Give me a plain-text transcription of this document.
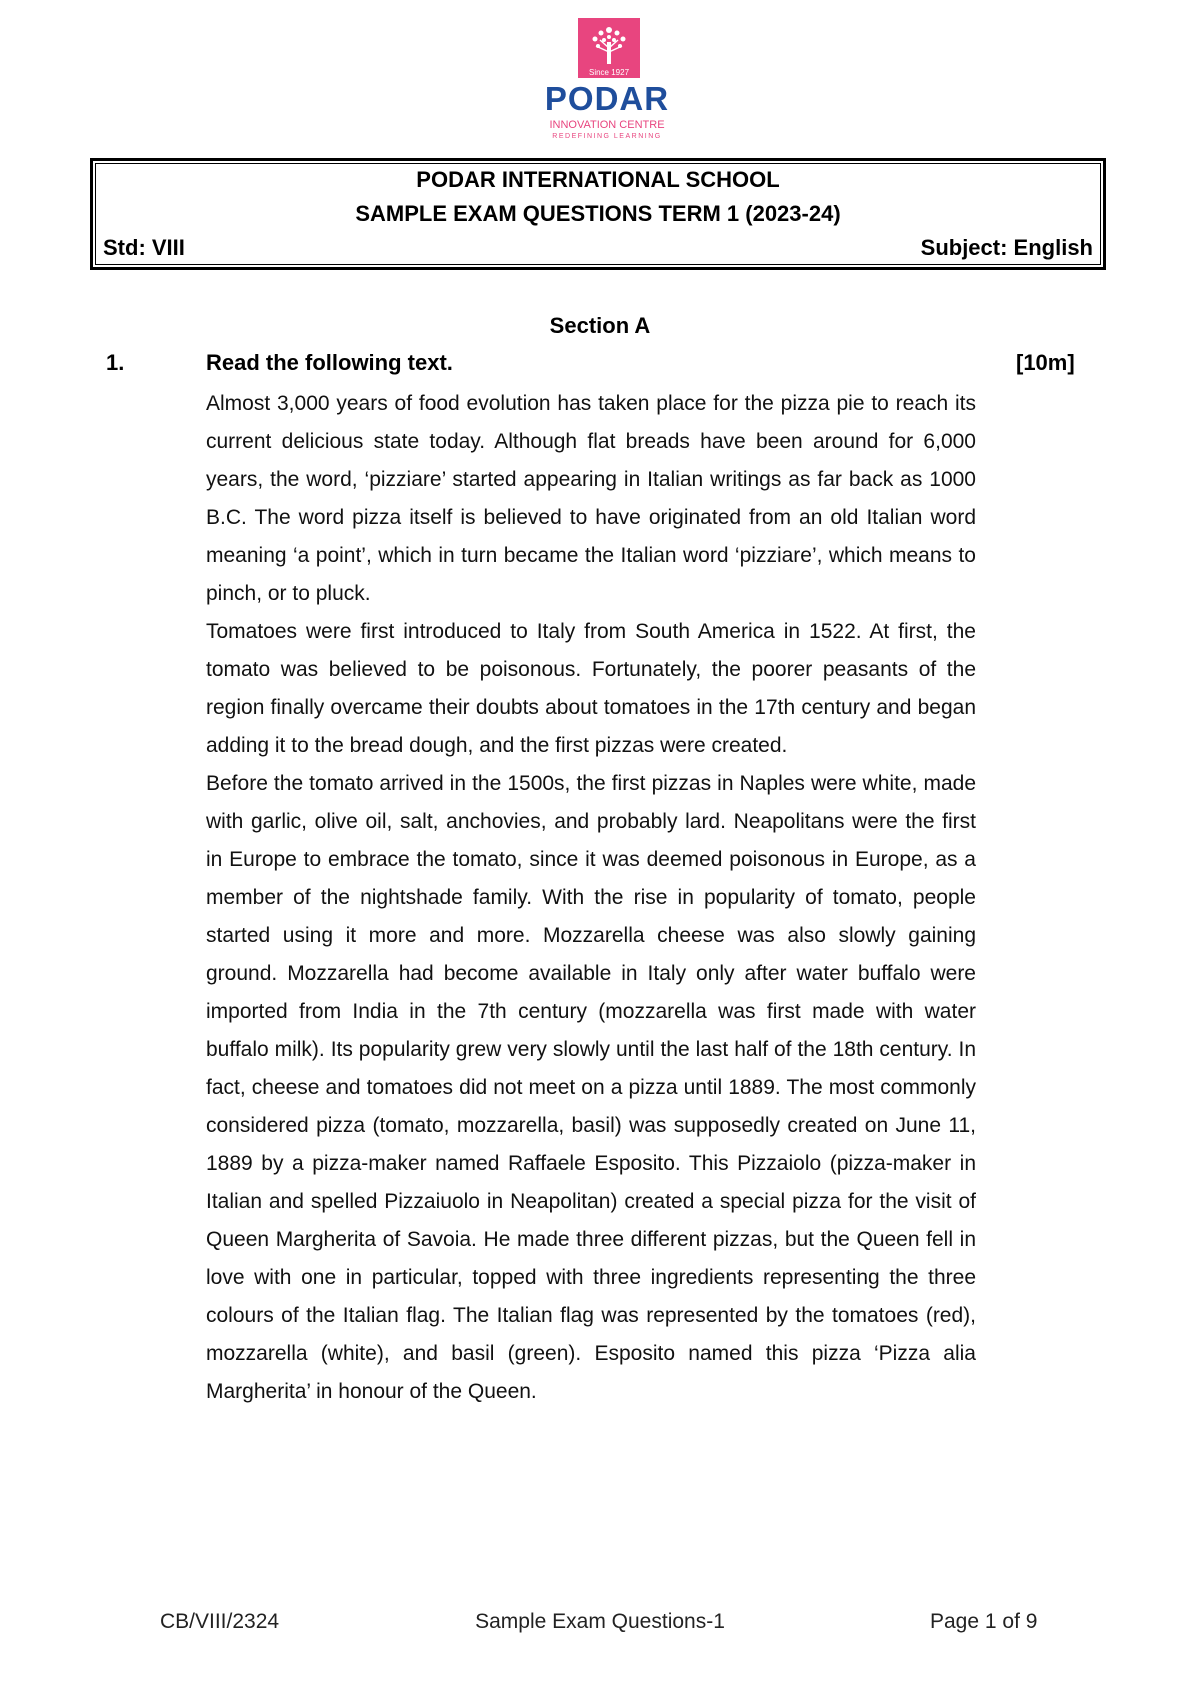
Since 1927
PODAR
INNOVATION CENTRE
REDEFINING LEARNING
PODAR INTERNATIONAL SCHOOL
SAMPLE EXAM QUESTIONS TERM 1 (2023-24)
Std: VIII	Subject: English
Section A
1.	Read the following text.	[10m]

Almost 3,000 years of food evolution has taken place for the pizza pie to reach its current delicious state today. Although flat breads have been around for 6,000 years, the word, ‘pizziare’ started appearing in Italian writings as far back as 1000 B.C. The word pizza itself is believed to have originated from an old Italian word meaning ‘a point’, which in turn became the Italian word ‘pizziare’, which means to pinch, or to pluck.

Tomatoes were first introduced to Italy from South America in 1522. At first, the tomato was believed to be poisonous. Fortunately, the poorer peasants of the region finally overcame their doubts about tomatoes in the 17th century and began adding it to the bread dough, and the first pizzas were created.

Before the tomato arrived in the 1500s, the first pizzas in Naples were white, made with garlic, olive oil, salt, anchovies, and probably lard. Neapolitans were the first in Europe to embrace the tomato, since it was deemed poisonous in Europe, as a member of the nightshade family. With the rise in popularity of tomato, people started using it more and more. Mozzarella cheese was also slowly gaining ground. Mozzarella had become available in Italy only after water buffalo were imported from India in the 7th century (mozzarella was first made with water buffalo milk). Its popularity grew very slowly until the last half of the 18th century. In fact, cheese and tomatoes did not meet on a pizza until 1889. The most commonly considered pizza (tomato, mozzarella, basil) was supposedly created on June 11, 1889 by a pizza-maker named Raffaele Esposito. This Pizzaiolo (pizza-maker in Italian and spelled Pizzaiuolo in Neapolitan) created a special pizza for the visit of Queen Margherita of Savoia. He made three different pizzas, but the Queen fell in love with one in particular, topped with three ingredients representing the three colours of the Italian flag. The Italian flag was represented by the tomatoes (red), mozzarella (white), and basil (green). Esposito named this pizza ‘Pizza alia Margherita’ in honour of the Queen.

CB/VIII/2324	Sample Exam Questions-1	Page 1 of 9
